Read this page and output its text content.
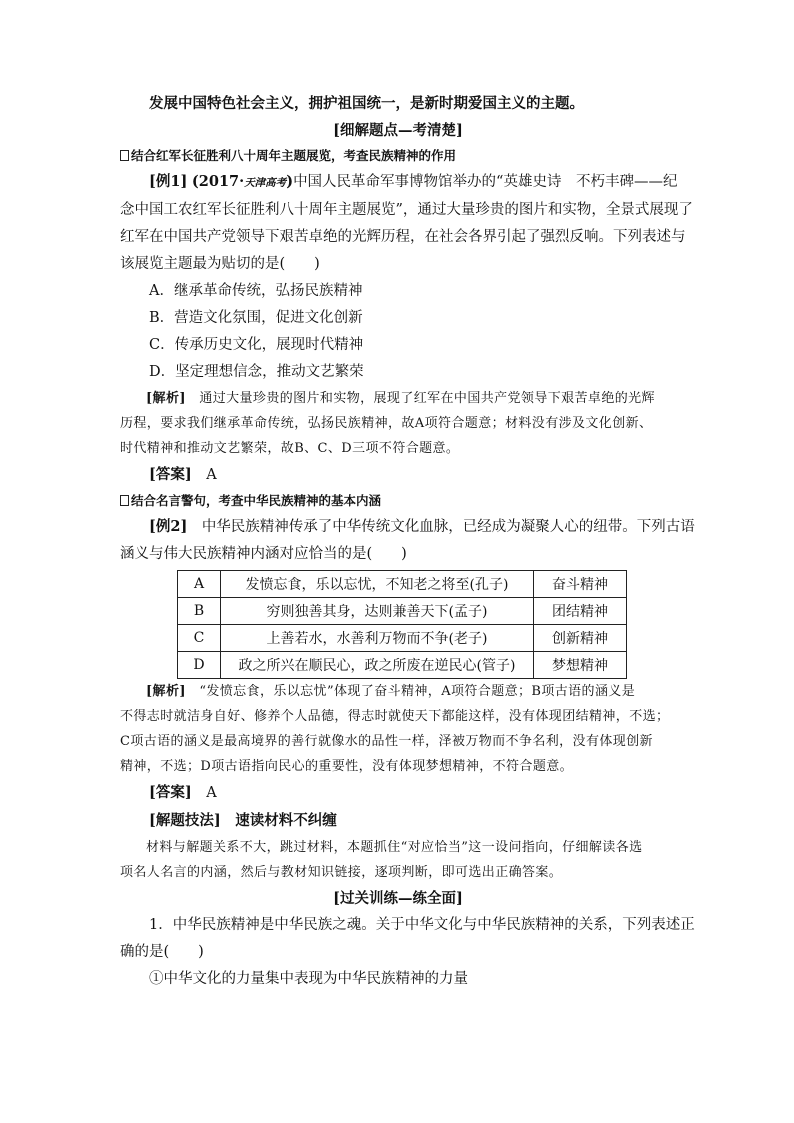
发展中国特色社会主义，拥护祖国统一，是新时期爱国主义的主题。

[细解题点—考清楚]

结合红军长征胜利八十周年主题展览，考查民族精神的作用

[例1] (2017·天津高考)中国人民革命军事博物馆举办的“英雄史诗　不朽丰碑——纪

念中国工农红军长征胜利八十周年主题展览”，通过大量珍贵的图片和实物，全景式展现了

红军在中国共产党领导下艰苦卓绝的光辉历程，在社会各界引起了强烈反响。下列表述与

该展览主题最为贴切的是(　　)

A．继承革命传统，弘扬民族精神

B．营造文化氛围，促进文化创新

C．传承历史文化，展现时代精神

D．坚定理想信念，推动文艺繁荣

[解析]　 通过大量珍贵的图片和实物，展现了红军在中国共产党领导下艰苦卓绝的光辉

历程，要求我们继承革命传统，弘扬民族精神，故A项符合题意；材料没有涉及文化创新、

时代精神和推动文艺繁荣，故B、C、D三项不符合题意。

[答案]　 A

结合名言警句，考查中华民族精神的基本内涵

[例2]　 中华民族精神传承了中华传统文化血脉，已经成为凝聚人心的纽带。下列古语

涵义与伟大民族精神内涵对应恰当的是(　　)

A	发愤忘食，乐以忘忧，不知老之将至(孔子)	奋斗精神
B	穷则独善其身，达则兼善天下(孟子)	团结精神
C	上善若水，水善利万物而不争(老子)	创新精神
D	政之所兴在顺民心，政之所废在逆民心(管子)	梦想精神

[解析]　 “发愤忘食，乐以忘忧”体现了奋斗精神，A项符合题意；B项古语的涵义是

不得志时就洁身自好、修养个人品德，得志时就使天下都能这样，没有体现团结精神，不选；

C项古语的涵义是最高境界的善行就像水的品性一样，泽被万物而不争名利，没有体现创新

精神，不选；D项古语指向民心的重要性，没有体现梦想精神，不符合题意。

[答案]　 A

[解题技法]　 速读材料不纠缠

材料与解题关系不大，跳过材料，本题抓住“对应恰当”这一设问指向，仔细解读各选

项名人名言的内涵，然后与教材知识链接，逐项判断，即可选出正确答案。

[过关训练—练全面]

1．中华民族精神是中华民族之魂。关于中华文化与中华民族精神的关系，下列表述正

确的是(　　)

①中华文化的力量集中表现为中华民族精神的力量
